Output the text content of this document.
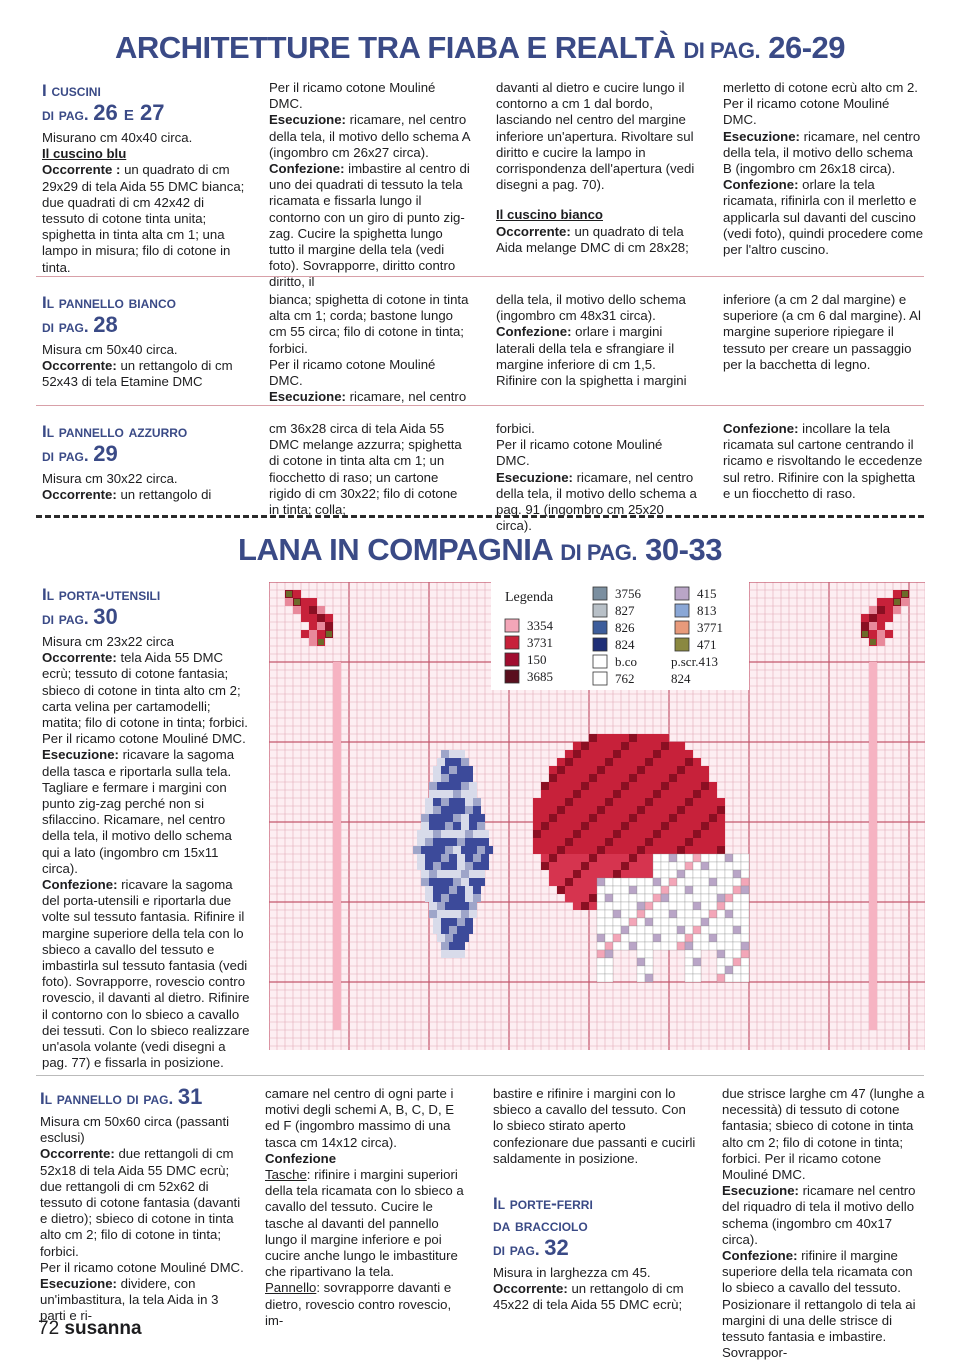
ARCHITETTURE TRA FIABA E REALTÀ DI PAG. 26-29
I cuscini
di pag. 26 e 27

Misurano cm 40x40 circa.

Il cuscino blu

Occorrente : un quadrato di cm 29x29 di tela Aida 55 DMC bianca; due quadrati di cm 42x42 di tessuto di cotone tinta unita; spighetta in tinta alta cm 1; una lampo in misura; filo di cotone in tinta.

Per il ricamo cotone Mouliné DMC.

Esecuzione: ricamare, nel centro della tela, il motivo dello schema A (ingombro cm 26x27 circa).

Confezione: imbastire al centro di uno dei quadrati di tessuto la tela ricamata e fissarla lungo il contorno con un giro di punto zig-zag. Cucire la spighetta lungo tutto il margine della tela (vedi foto). Sovrapporre, diritto contro diritto, il

davanti al dietro e cucire lungo il contorno a cm 1 dal bordo, lasciando nel centro del margine inferiore un'apertura. Rivoltare sul diritto e cucire la lampo in corrispondenza dell'apertura (vedi disegni a pag. 70).

Il cuscino bianco

Occorrente: un quadrato di tela Aida melange DMC di cm 28x28;

merletto di cotone ecrù alto cm 2. Per il ricamo cotone Mouliné DMC.

Esecuzione: ricamare, nel centro della tela, il motivo dello schema B (ingombro cm 26x18 circa).

Confezione: orlare la tela ricamata, rifinirla con il merletto e applicarla sul davanti del cuscino (vedi foto), quindi procedere come per l'altro cuscino.

Il pannello bianco
di pag. 28

Misura cm 50x40 circa.

Occorrente: un rettangolo di cm 52x43 di tela Etamine DMC

bianca; spighetta di cotone in tinta alta cm 1; corda; bastone lungo cm 55 circa; filo di cotone in tinta; forbici.

Per il ricamo cotone Mouliné DMC.

Esecuzione: ricamare, nel centro

della tela, il motivo dello schema (ingombro cm 48x31 circa).

Confezione: orlare i margini laterali della tela e sfrangiare il margine inferiore di cm 1,5. Rifinire con la spighetta i margini

inferiore (a cm 2 dal margine) e superiore (a cm 6 dal margine). Al margine superiore ripiegare il tessuto per creare un passaggio per la bacchetta di legno.

Il pannello azzurro
di pag. 29

Misura cm 30x22 circa.

Occorrente: un rettangolo di

cm 36x28 circa di tela Aida 55 DMC melange azzurra; spighetta di cotone in tinta alta cm 1; un fiocchetto di raso; un cartone rigido di cm 30x22; filo di cotone in tinta; colla;

forbici.

Per il ricamo cotone Mouliné DMC.

Esecuzione: ricamare, nel centro della tela, il motivo dello schema a pag. 91 (ingombro cm 25x20 circa).

Confezione: incollare la tela ricamata sul cartone centrando il ricamo e risvoltando le eccedenze sul retro. Rifinire con la spighetta e un fiocchetto di raso.

LANA IN COMPAGNIA DI PAG. 30-33
Il porta-utensili
di pag. 30

Misura cm 23x22 circa

Occorrente: tela Aida 55 DMC ecrù; tessuto di cotone fantasia; sbieco di cotone in tinta alto cm 2; carta velina per cartamodelli; matita; filo di cotone in tinta; forbici.

Per il ricamo cotone Mouliné DMC.

Esecuzione: ricavare la sagoma della tasca e riportarla sulla tela. Tagliare e fermare i margini con punto zig-zag perché non si sfilaccino. Ricamare, nel centro della tela, il motivo dello schema qui a lato (ingombro cm 15x11 circa).

Confezione: ricavare la sagoma del porta-utensili e riportarla due volte sul tessuto fantasia. Rifinire il margine superiore della tela con lo sbieco a cavallo del tessuto e imbastirla sul tessuto fantasia (vedi foto). Sovrapporre, rovescio contro rovescio, il davanti al dietro. Rifinire il contorno con lo sbieco a cavallo dei tessuti. Con lo sbieco realizzare un'asola volante (vedi disegni a pag. 77) e fissarla in posizione.

Legenda
3354
3731
150
3685
3756
827
826
824
b.co
762
415
813
3771
471
p.scr.413
824
Il pannello di pag. 31

Misura cm 50x60 circa (passanti esclusi)

Occorrente: due rettangoli di cm 52x18 di tela Aida 55 DMC ecrù; due rettangoli di cm 52x62 di tessuto di cotone fantasia (davanti e dietro); sbieco di cotone in tinta alto cm 2; filo di cotone in tinta; forbici.

Per il ricamo cotone Mouliné DMC.

Esecuzione: dividere, con un'imbastitura, la tela Aida in 3 parti e ri-

camare nel centro di ogni parte i motivi degli schemi A, B, C, D, E ed F (ingombro massimo di una tasca cm 14x12 circa).

Confezione

Tasche: rifinire i margini superiori della tela ricamata con lo sbieco a cavallo del tessuto. Cucire le tasche al davanti del pannello lungo il margine inferiore e poi cucire anche lungo le imbastiture che ripartivano la tela.

Pannello: sovrapporre davanti e dietro, rovescio contro rovescio, im-

bastire e rifinire i margini con lo sbieco a cavallo del tessuto. Con lo sbieco stirato aperto confezionare due passanti e cucirli saldamente in posizione.

Il porte-ferri
da bracciolo
di pag. 32

Misura in larghezza cm 45.

Occorrente: un rettangolo di cm 45x22 di tela Aida 55 DMC ecrù;

due strisce larghe cm 47 (lunghe a necessità) di tessuto di cotone fantasia; sbieco di cotone in tinta alto cm 2; filo di cotone in tinta; forbici. Per il ricamo cotone Mouliné DMC.

Esecuzione: ricamare nel centro del riquadro di tela il motivo dello schema (ingombro cm 40x17 circa).

Confezione: rifinire il margine superiore della tela ricamata con lo sbieco a cavallo del tessuto. Posizionare il rettangolo di tela ai margini di una delle strisce di tessuto fantasia e imbastire. Sovrappor-

72 susanna
